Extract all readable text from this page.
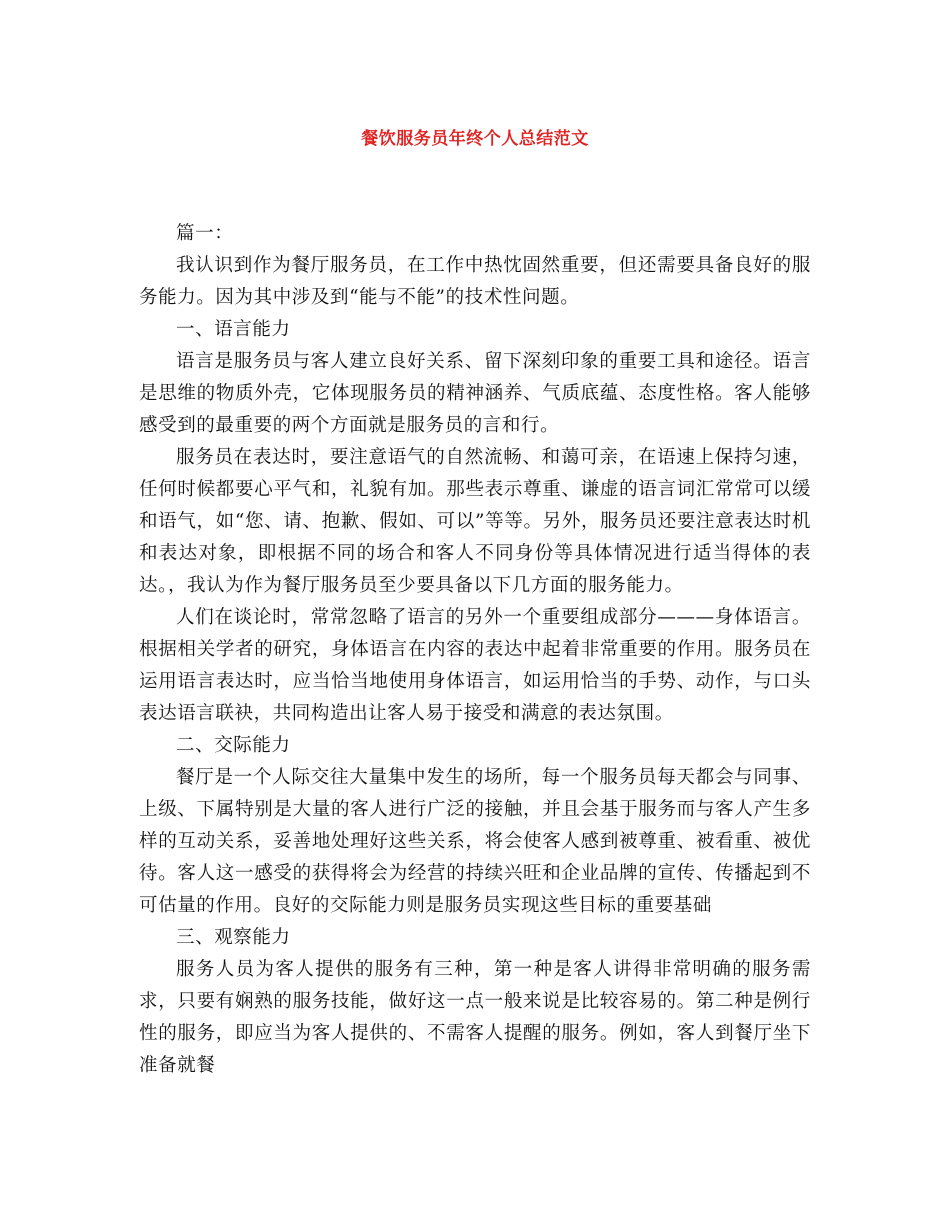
餐饮服务员年终个人总结范文

篇一：

我认识到作为餐厅服务员，在工作中热忱固然重要，但还需要具备良好的服务能力。因为其中涉及到“能与不能”的技术性问题。

一、语言能力

语言是服务员与客人建立良好关系、留下深刻印象的重要工具和途径。语言是思维的物质外壳，它体现服务员的精神涵养、气质底蕴、态度性格。客人能够感受到的最重要的两个方面就是服务员的言和行。

服务员在表达时，要注意语气的自然流畅、和蔼可亲，在语速上保持匀速，任何时候都要心平气和，礼貌有加。那些表示尊重、谦虚的语言词汇常常可以缓和语气，如“您、请、抱歉、假如、可以”等等。另外，服务员还要注意表达时机和表达对象，即根据不同的场合和客人不同身份等具体情况进行适当得体的表达。，我认为作为餐厅服务员至少要具备以下几方面的服务能力。

人们在谈论时，常常忽略了语言的另外一个重要组成部分———身体语言。根据相关学者的研究，身体语言在内容的表达中起着非常重要的作用。服务员在运用语言表达时，应当恰当地使用身体语言，如运用恰当的手势、动作，与口头表达语言联袂，共同构造出让客人易于接受和满意的表达氛围。

二、交际能力

餐厅是一个人际交往大量集中发生的场所，每一个服务员每天都会与同事、上级、下属特别是大量的客人进行广泛的接触，并且会基于服务而与客人产生多样的互动关系，妥善地处理好这些关系，将会使客人感到被尊重、被看重、被优待。客人这一感受的获得将会为经营的持续兴旺和企业品牌的宣传、传播起到不可估量的作用。良好的交际能力则是服务员实现这些目标的重要基础

三、观察能力

服务人员为客人提供的服务有三种，第一种是客人讲得非常明确的服务需求，只要有娴熟的服务技能，做好这一点一般来说是比较容易的。第二种是例行性的服务，即应当为客人提供的、不需客人提醒的服务。例如，客人到餐厅坐下准备就餐
